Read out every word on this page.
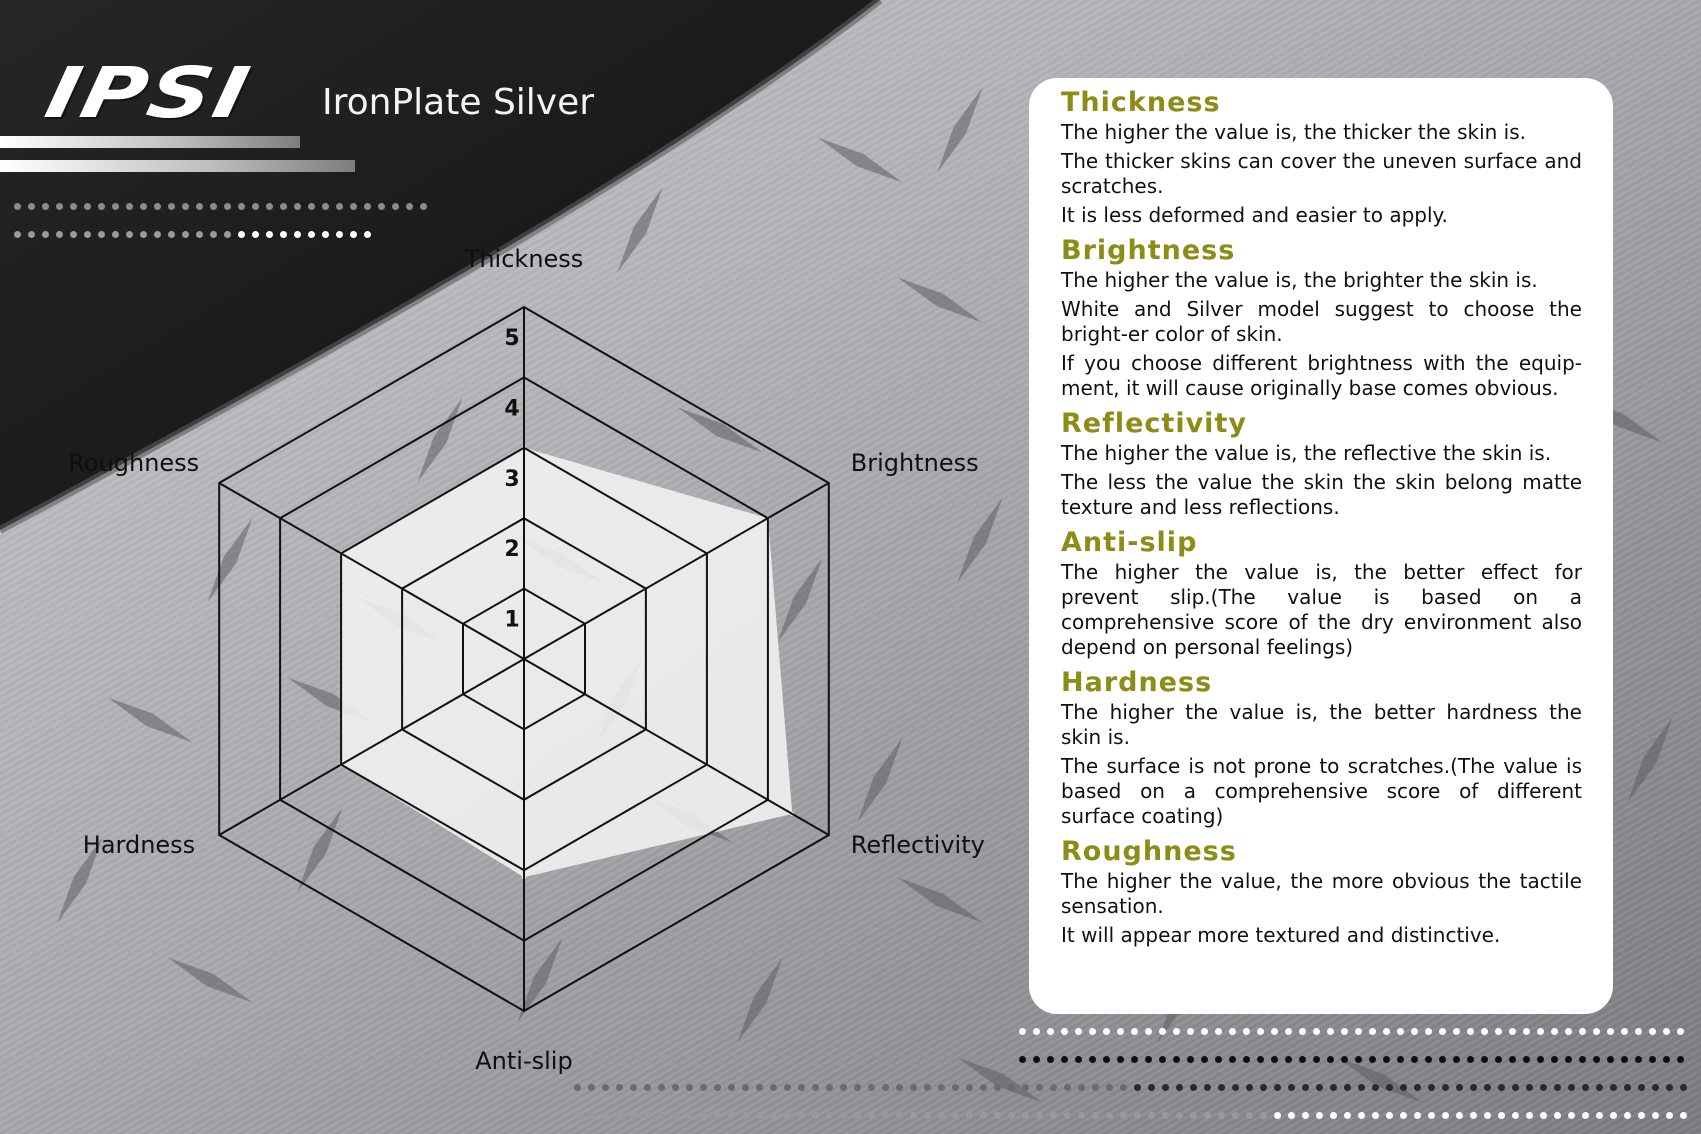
IPSI IronPlate Silver
1
2
3
4
5
Thickness
Brightness
Reflectivity
Anti-slip
Hardness
Roughness
Thickness

The higher the value is, the thicker the skin is.

The thicker skins can cover the uneven surface and scratches.

It is less deformed and easier to apply.

Brightness

The higher the value is, the brighter the skin is.

White and Silver model suggest to choose the bright-er color of skin.

If you choose different brightness with the equip-ment, it will cause originally base comes obvious.

Reflectivity

The higher the value is, the reflective the skin is.

The less the value the skin the skin belong matte texture and less reflections.

Anti-slip

The higher the value is, the better effect for prevent slip.(The value is based on a comprehensive score of the dry environment also depend on personal feelings)

Hardness

The higher the value is, the better hardness the skin is.

The surface is not prone to scratches.(The value is based on a comprehensive score of different surface coating)

Roughness

The higher the value, the more obvious the tactile sensation.

It will appear more textured and distinctive.
